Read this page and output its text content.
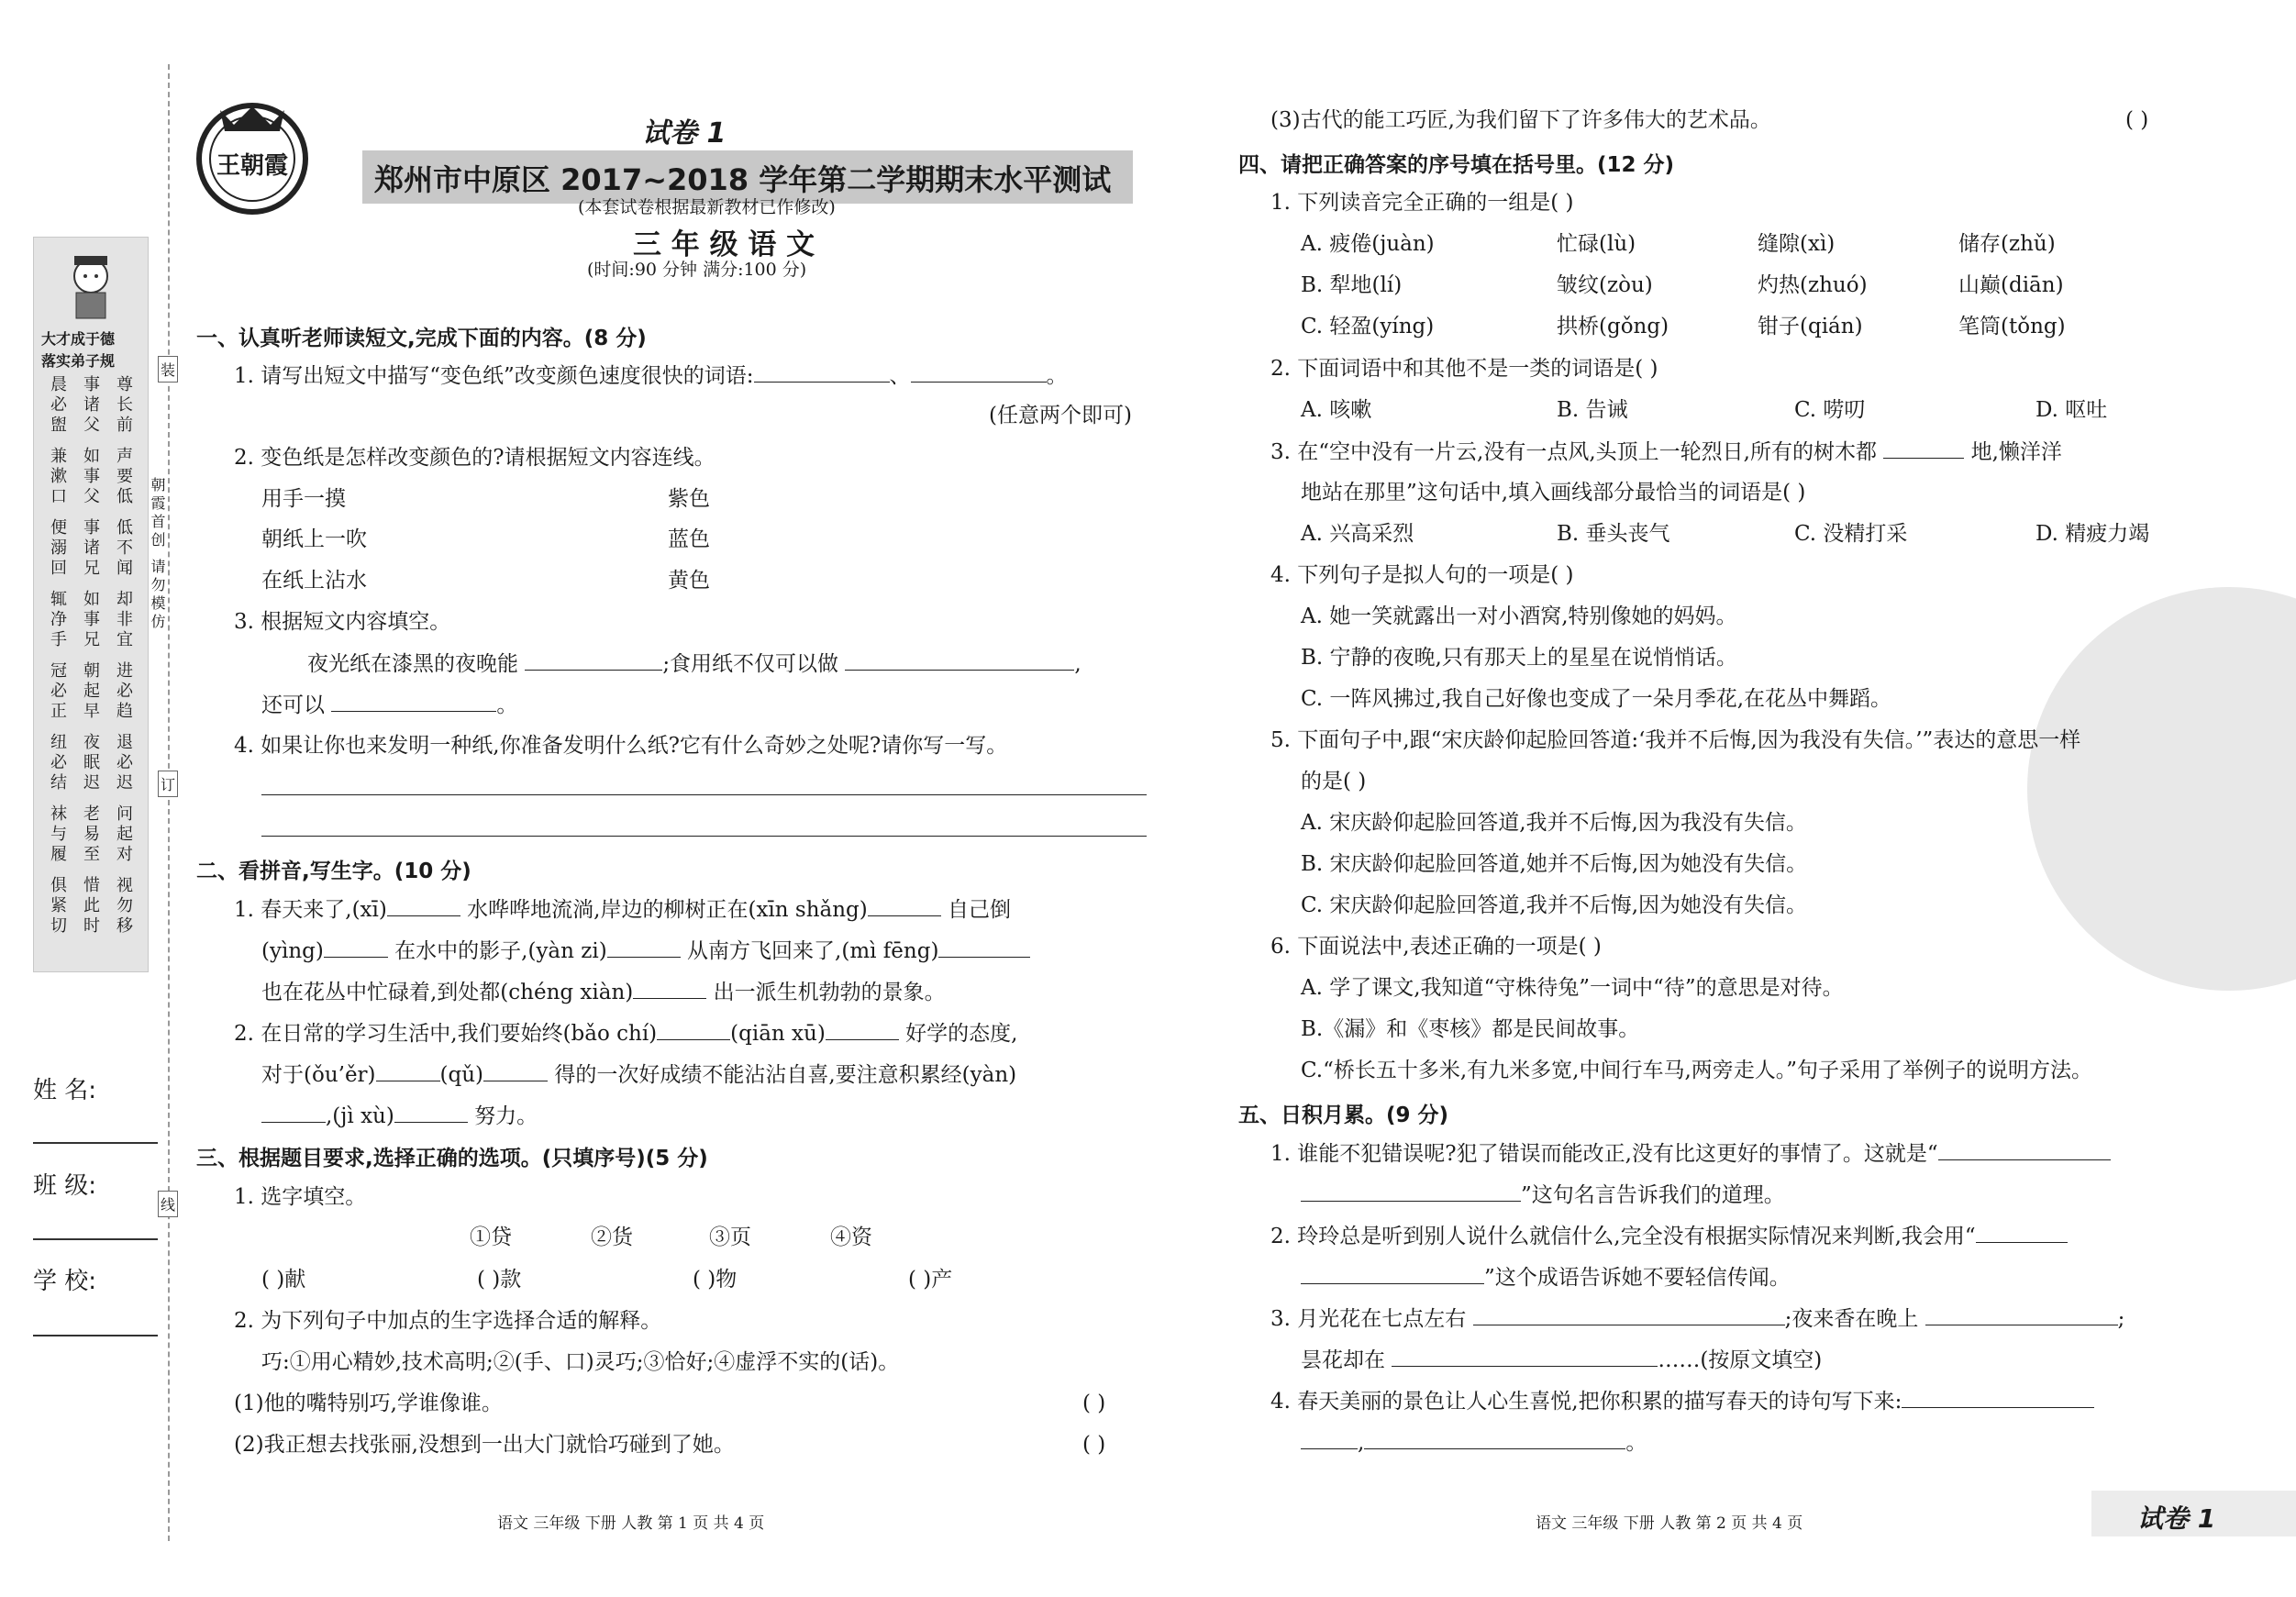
大才成于德
落实弟子规
晨必盥 事诸父 尊长前
兼漱口 如事父 声要低
便溺回 事诸兄 低不闻
辄净手 如事兄 却非宜
冠必正 朝起早 进必趋
纽必结 夜眠迟 退必迟
袜与履 老易至 问起对
俱紧切 惜此时 视勿移
装
订
线
朝霞首创 请勿模仿
姓 名:
班 级:
学 校:
王朝霞
试卷 1
郑州市中原区 2017~2018 学年第二学期期末水平测试
(本套试卷根据最新教材已作修改)
三 年 级 语 文
(时间:90 分钟 满分:100 分)
一、认真听老师读短文,完成下面的内容。(8 分)
1. 请写出短文中描写“变色纸”改变颜色速度很快的词语:	、	。
(任意两个即可)
2. 变色纸是怎样改变颜色的?请根据短文内容连线。
用手一摸	紫色
朝纸上一吹	蓝色
在纸上沾水	黄色
3. 根据短文内容填空。
夜光纸在漆黑的夜晚能	;食用纸不仅可以做	,
还可以	。
4. 如果让你也来发明一种纸,你准备发明什么纸?它有什么奇妙之处呢?请你写一写。
二、看拼音,写生字。(10 分)
1. 春天来了,(xī)	水哗哗地流淌,岸边的柳树正在(xīn shǎng)	自己倒
(yìng)	在水中的影子,(yàn zi)	从南方飞回来了,(mì fēng)
也在花丛中忙碌着,到处都(chéng xiàn)	出一派生机勃勃的景象。
2. 在日常的学习生活中,我们要始终(bǎo chí)	(qiān xū)	好学的态度,
对于(ǒu’ěr)	(qǔ)	得的一次好成绩不能沾沾自喜,要注意积累经(yàn)
,(jì xù)	努力。
三、根据题目要求,选择正确的选项。(只填序号)(5 分)
1. 选字填空。
①贷	②货	③页	④资
( )献	( )款	( )物	( )产
2. 为下列句子中加点的生字选择合适的解释。
巧:①用心精妙,技术高明;②(手、口)灵巧;③恰好;④虚浮不实的(话)。
(1)他的嘴特别巧,学谁像谁。	( )
(2)我正想去找张丽,没想到一出大门就恰巧碰到了她。	( )
语文 三年级 下册 人教 第 1 页 共 4 页
(3)古代的能工巧匠,为我们留下了许多伟大的艺术品。	( )
四、请把正确答案的序号填在括号里。(12 分)
1. 下列读音完全正确的一组是( )
A. 疲倦(juàn)	忙碌(lù)	缝隙(xì)	储存(zhǔ)
B. 犁地(lí)	皱纹(zòu)	灼热(zhuó)	山巅(diān)
C. 轻盈(yíng)	拱桥(gǒng)	钳子(qián)	笔筒(tǒng)
2. 下面词语中和其他不是一类的词语是( )
A. 咳嗽	B. 告诫	C. 唠叨	D. 呕吐
3. 在“空中没有一片云,没有一点风,头顶上一轮烈日,所有的树木都	地,懒洋洋
地站在那里”这句话中,填入画线部分最恰当的词语是( )
A. 兴高采烈	B. 垂头丧气	C. 没精打采	D. 精疲力竭
4. 下列句子是拟人句的一项是( )
A. 她一笑就露出一对小酒窝,特别像她的妈妈。
B. 宁静的夜晚,只有那天上的星星在说悄悄话。
C. 一阵风拂过,我自己好像也变成了一朵月季花,在花丛中舞蹈。
5. 下面句子中,跟“宋庆龄仰起脸回答道:‘我并不后悔,因为我没有失信。’”表达的意思一样
的是( )
A. 宋庆龄仰起脸回答道,我并不后悔,因为我没有失信。
B. 宋庆龄仰起脸回答道,她并不后悔,因为她没有失信。
C. 宋庆龄仰起脸回答道,我并不后悔,因为她没有失信。
6. 下面说法中,表述正确的一项是( )
A. 学了课文,我知道“守株待兔”一词中“待”的意思是对待。
B.《漏》和《枣核》都是民间故事。
C.“桥长五十多米,有九米多宽,中间行车马,两旁走人。”句子采用了举例子的说明方法。
五、日积月累。(9 分)
1. 谁能不犯错误呢?犯了错误而能改正,没有比这更好的事情了。这就是“
”这句名言告诉我们的道理。
2. 玲玲总是听到别人说什么就信什么,完全没有根据实际情况来判断,我会用“
”这个成语告诉她不要轻信传闻。
3. 月光花在七点左右	;夜来香在晚上	;
昙花却在	……(按原文填空)
4. 春天美丽的景色让人心生喜悦,把你积累的描写春天的诗句写下来:
,	。
语文 三年级 下册 人教 第 2 页 共 4 页	试卷 1
